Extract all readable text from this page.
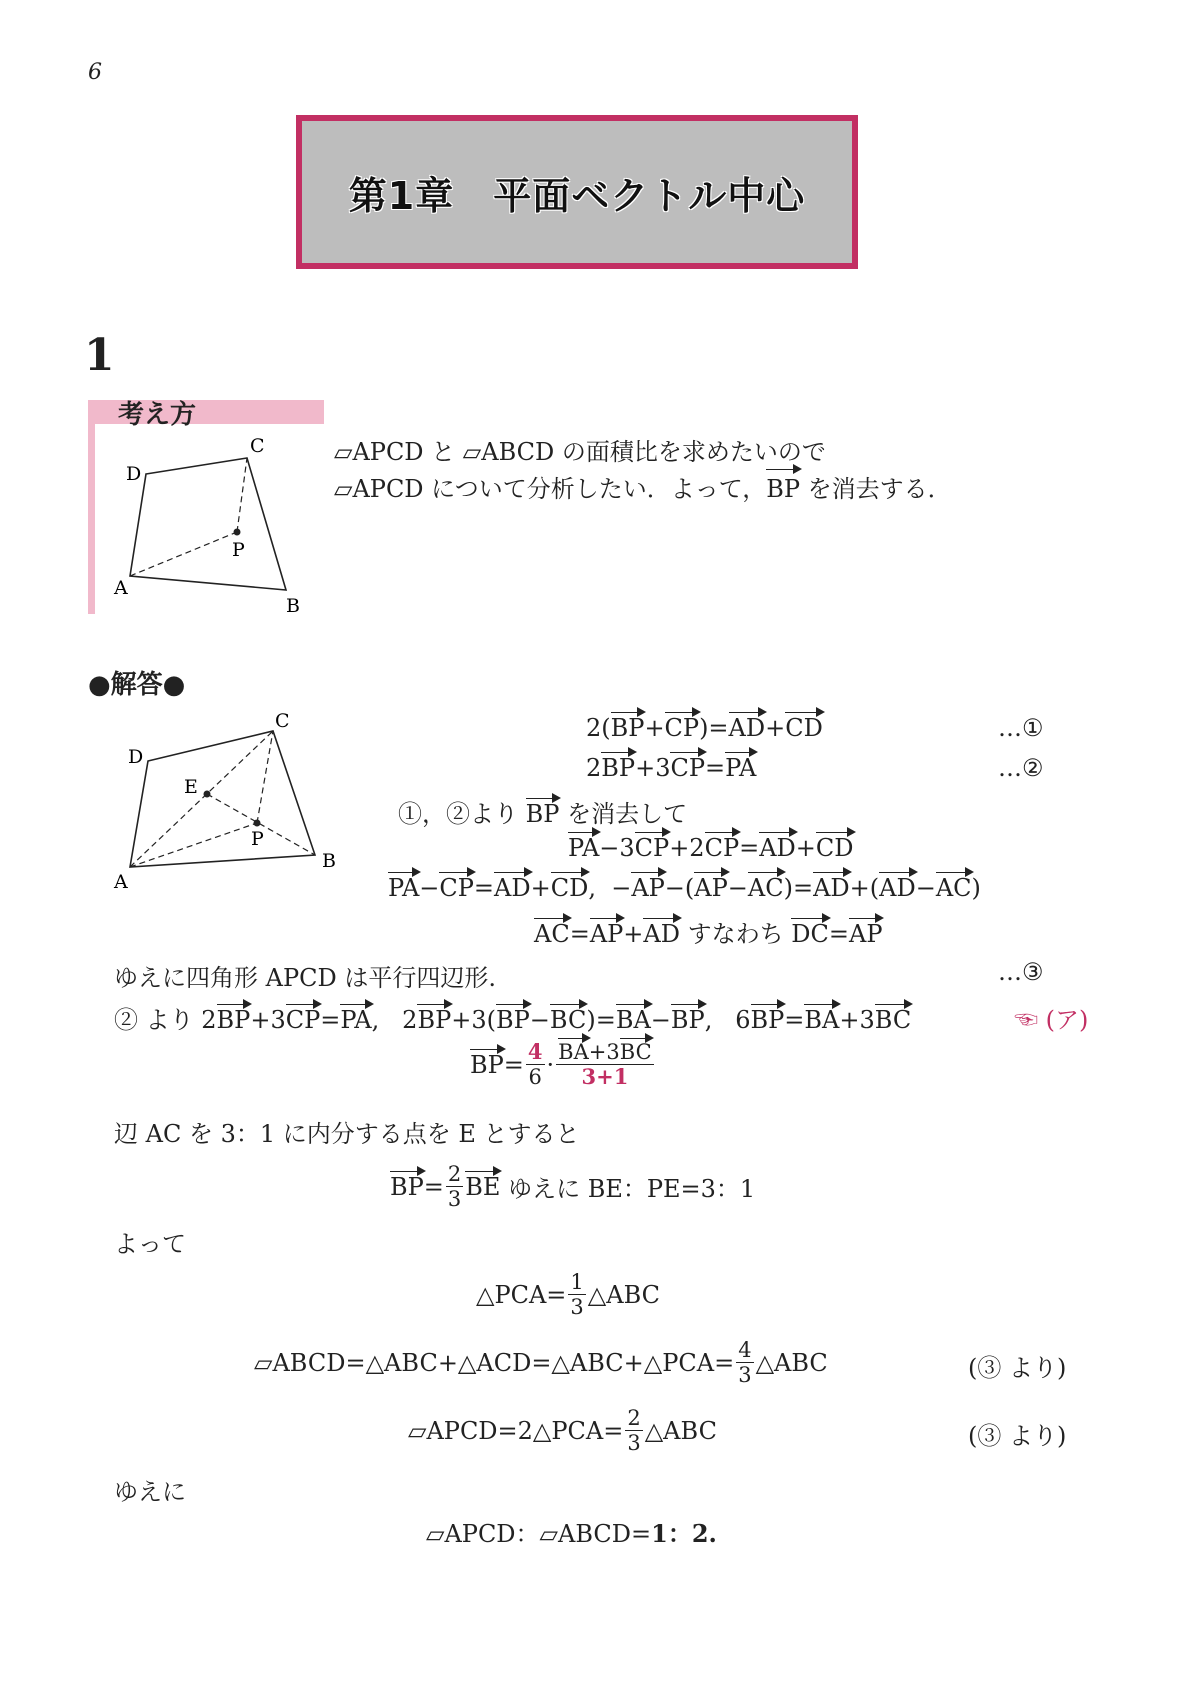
6
第1章　平面ベクトル中心
1
考え方
D
C
P
A
B
▱APCD と ▱ABCD の面積比を求めたいので
▱APCD について分析したい．よって，BP を消去する．
●解答●
D
C
E
P
A
B
2(BP+CP)=AD+CD	…①
2BP+3CP=PA	…②
①，②より BP を消去して
PA−3CP+2CP=AD+CD
PA−CP=AD+CD,  −AP−(AP−AC)=AD+(AD−AC)
AC=AP+AD すなわち DC=AP
ゆえに四角形 APCD は平行四辺形.	…③
② より 2BP+3CP=PA,   2BP+3(BP−BC)=BA−BP,   6BP=BA+3BC	☜ (ア)
BP = $\frac{4}{6} \cdot \frac{BA+3BC}{3+1}$
辺 AC を 3：1 に内分する点を E とすると
BP = $\frac{2}{3}$ BE
ゆえに BE：PE=3：1
よって
△PCA= $\frac{1}{3}$ △ABC
▱ABCD=△ABC+△ACD=△ABC+△PCA= $\frac{4}{3}$ △ABC	(③ より)
▱APCD=2△PCA= $\frac{2}{3}$ △ABC	(③ より)
ゆえに
▱APCD：▱ABCD=1：2.
